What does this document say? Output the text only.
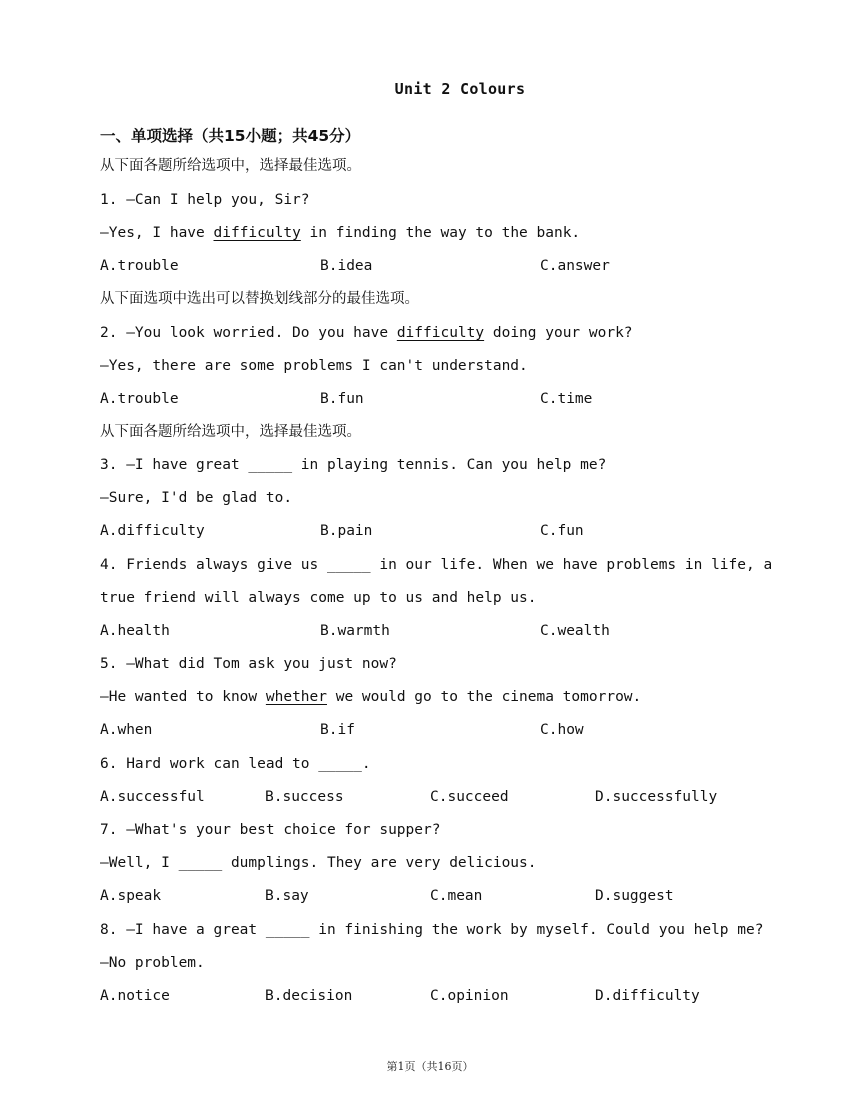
Unit 2 Colours
一、单项选择（共15小题；共45分）
从下面各题所给选项中，选择最佳选项。
1. —Can I help you, Sir?
—Yes, I have difficulty in finding the way to the bank.
A.trouble	B.idea	C.answer
从下面选项中选出可以替换划线部分的最佳选项。
2. —You look worried. Do you have difficulty doing your work?
—Yes, there are some problems I can't understand.
A.trouble	B.fun	C.time
从下面各题所给选项中，选择最佳选项。
3. —I have great _____ in playing tennis. Can you help me?
—Sure, I'd be glad to.
A.difficulty	B.pain	C.fun
4. Friends always give us _____ in our life. When we have problems in life, a
true friend will always come up to us and help us.
A.health	B.warmth	C.wealth
5. —What did Tom ask you just now?
—He wanted to know whether we would go to the cinema tomorrow.
A.when	B.if	C.how
6. Hard work can lead to _____.
A.successful	B.success	C.succeed	D.successfully
7. —What's your best choice for supper?
—Well, I _____ dumplings. They are very delicious.
A.speak	B.say	C.mean	D.suggest
8. —I have a great _____ in finishing the work by myself. Could you help me?
—No problem.
A.notice	B.decision	C.opinion	D.difficulty
第1页（共16页）
